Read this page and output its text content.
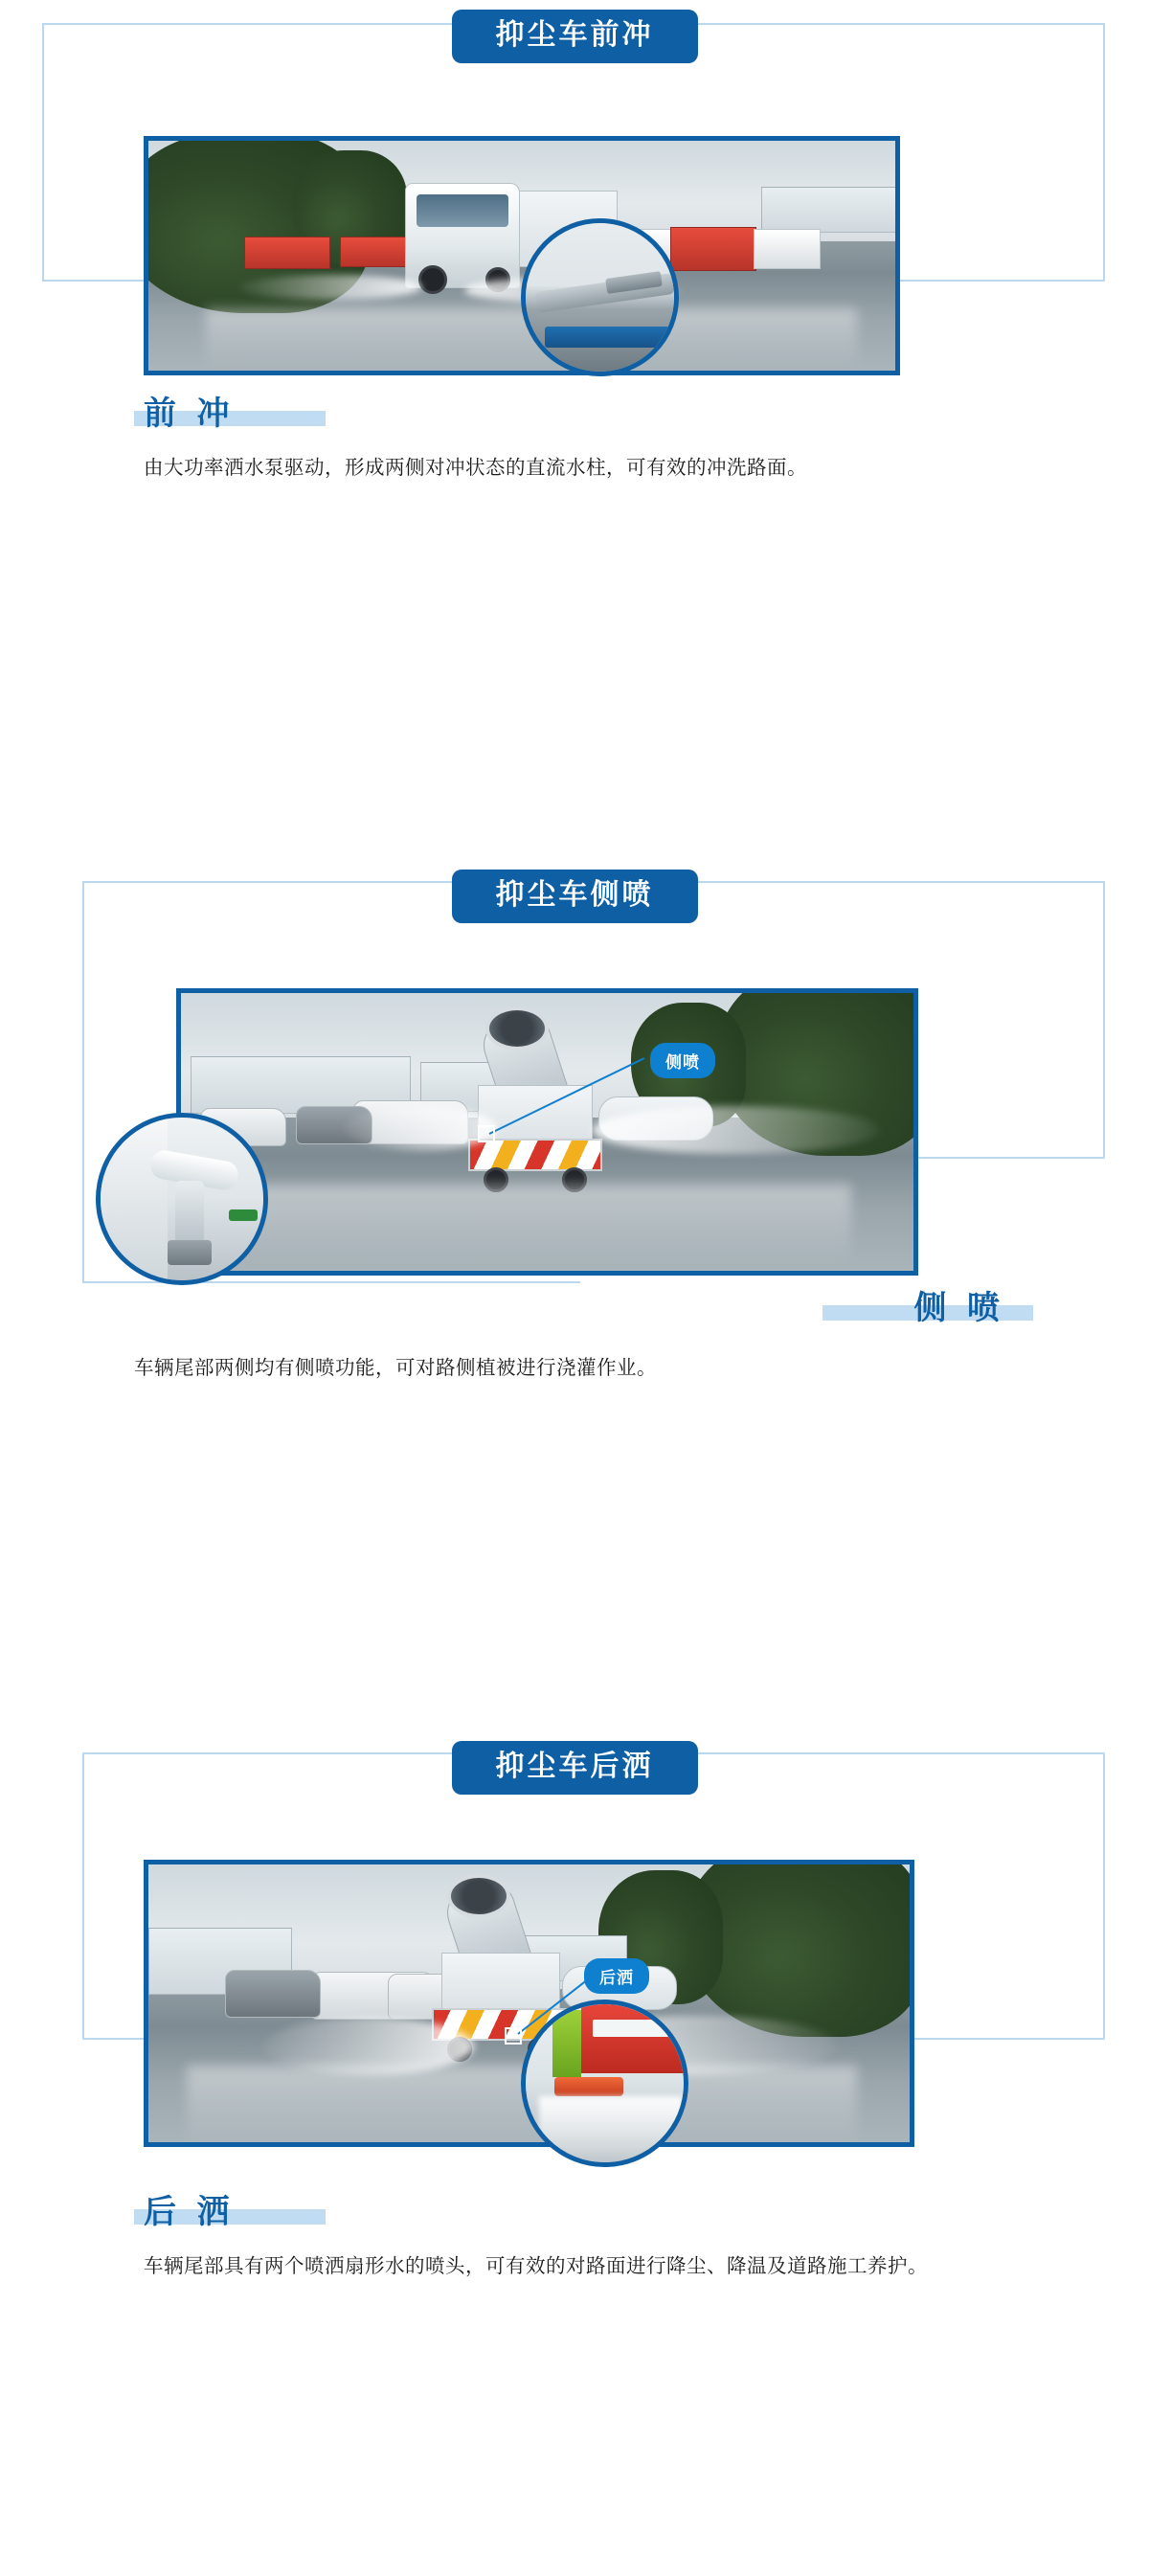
抑尘车前冲
前 冲
由大功率洒水泵驱动，形成两侧对冲状态的直流水柱，可有效的冲洗路面。
抑尘车侧喷
侧喷
侧 喷
车辆尾部两侧均有侧喷功能，可对路侧植被进行浇灌作业。
抑尘车后洒
后洒
后 洒
车辆尾部具有两个喷洒扇形水的喷头，可有效的对路面进行降尘、降温及道路施工养护。
